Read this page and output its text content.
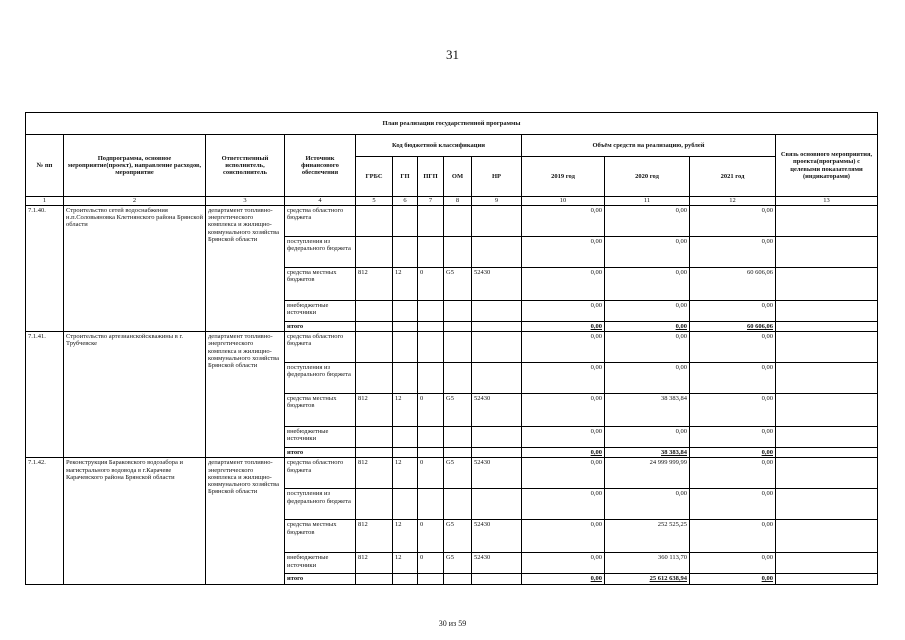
31
План реализации государственной программы												
№ пп	Подпрограмма, основное мероприятие(проект), направление расходов, мероприятие	Ответственный исполнитель, соисполнитель	Источник финансового обеспечения	Код бюджетной классификации					Объём средств на реализацию, рублей			Связь основного мероприятия, проекта(программы) с целевыми показателями (индикаторами)
				ГРБС	ГП	ПГП	ОМ	НР	2019 год	2020 год	2021 год	
1	2	3	4	5	6	7	8	9	10	11	12	13
7.1.40.	Строительство сетей водоснабжения н.п.Соловьяновка Клетнянского района Брянской области	департамент топливно-энергетического комплекса и жилищно-коммунального хозяйства Брянской области	средства областного бюджета						0,00	0,00	0,00	
			поступления из федерального бюджета						0,00	0,00	0,00	
			средства местных бюджетов	812	12	0	G5	52430	0,00	0,00	60 606,06	
			внебюджетные источники						0,00	0,00	0,00	
			итого						0,00	0,00	60 606,06	
7.1.41.	Строительство артезианскойскважины в г. Трубчевске	департамент топливно-энергетического комплекса и жилищно-коммунального хозяйства Брянской области	средства областного бюджета						0,00	0,00	0,00	
			поступления из федерального бюджета						0,00	0,00	0,00	
			средства местных бюджетов	812	12	0	G5	52430	0,00	38 383,84	0,00	
			внебюджетные источники						0,00	0,00	0,00	
			итого						0,00	38 383,84	0,00	
7.1.42.	Реконструкция Бараковского водозабора и магистрального водовода в г.Карачеве Карачевского района Брянской области	департамент топливно-энергетического комплекса и жилищно-коммунального хозяйства Брянской области	средства областного бюджета	812	12	0	G5	52430	0,00	24 999 999,99	0,00	
			поступления из федерального бюджета						0,00	0,00	0,00	
			средства местных бюджетов	812	12	0	G5	52430	0,00	252 525,25	0,00	
			внебюджетные источники	812	12	0	G5	52430	0,00	360 113,70	0,00	
			итого						0,00	25 612 638,94	0,00	
30 из 59
